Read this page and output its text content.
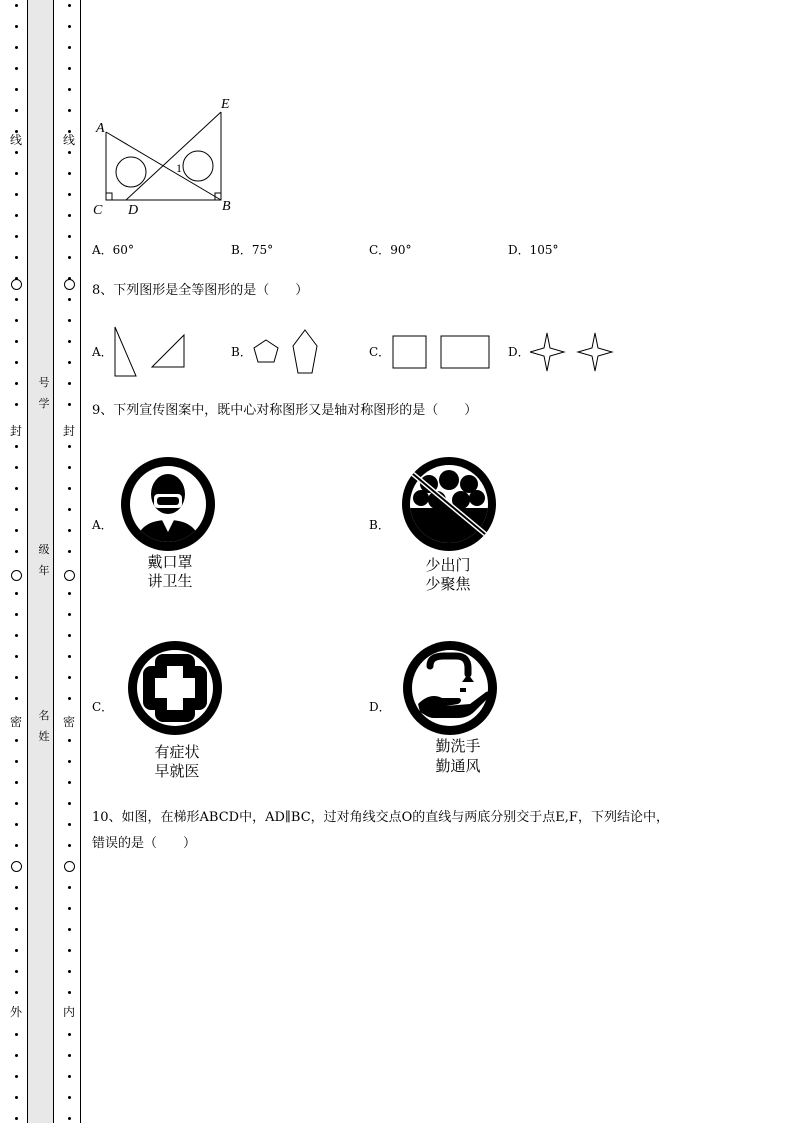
线
封
密
外
线
封
密
内
号
学
级
年
名
姓
A
E
C D	B
1
A．60°	B．75°	C．90°	D．105°
8、下列图形是全等图形的是（　　）
A．	B．	C．	D．
9、下列宣传图案中，既中心对称图形又是轴对称图形的是（　　）
A．
戴口罩
讲卫生
B．
少出门
少聚焦
C．
有症状
早就医
D．
勤洗手
勤通风
10、如图，在梯形ABCD中，AD∥BC，过对角线交点O的直线与两底分别交于点E,F，下列结论中，
错误的是（　　）
